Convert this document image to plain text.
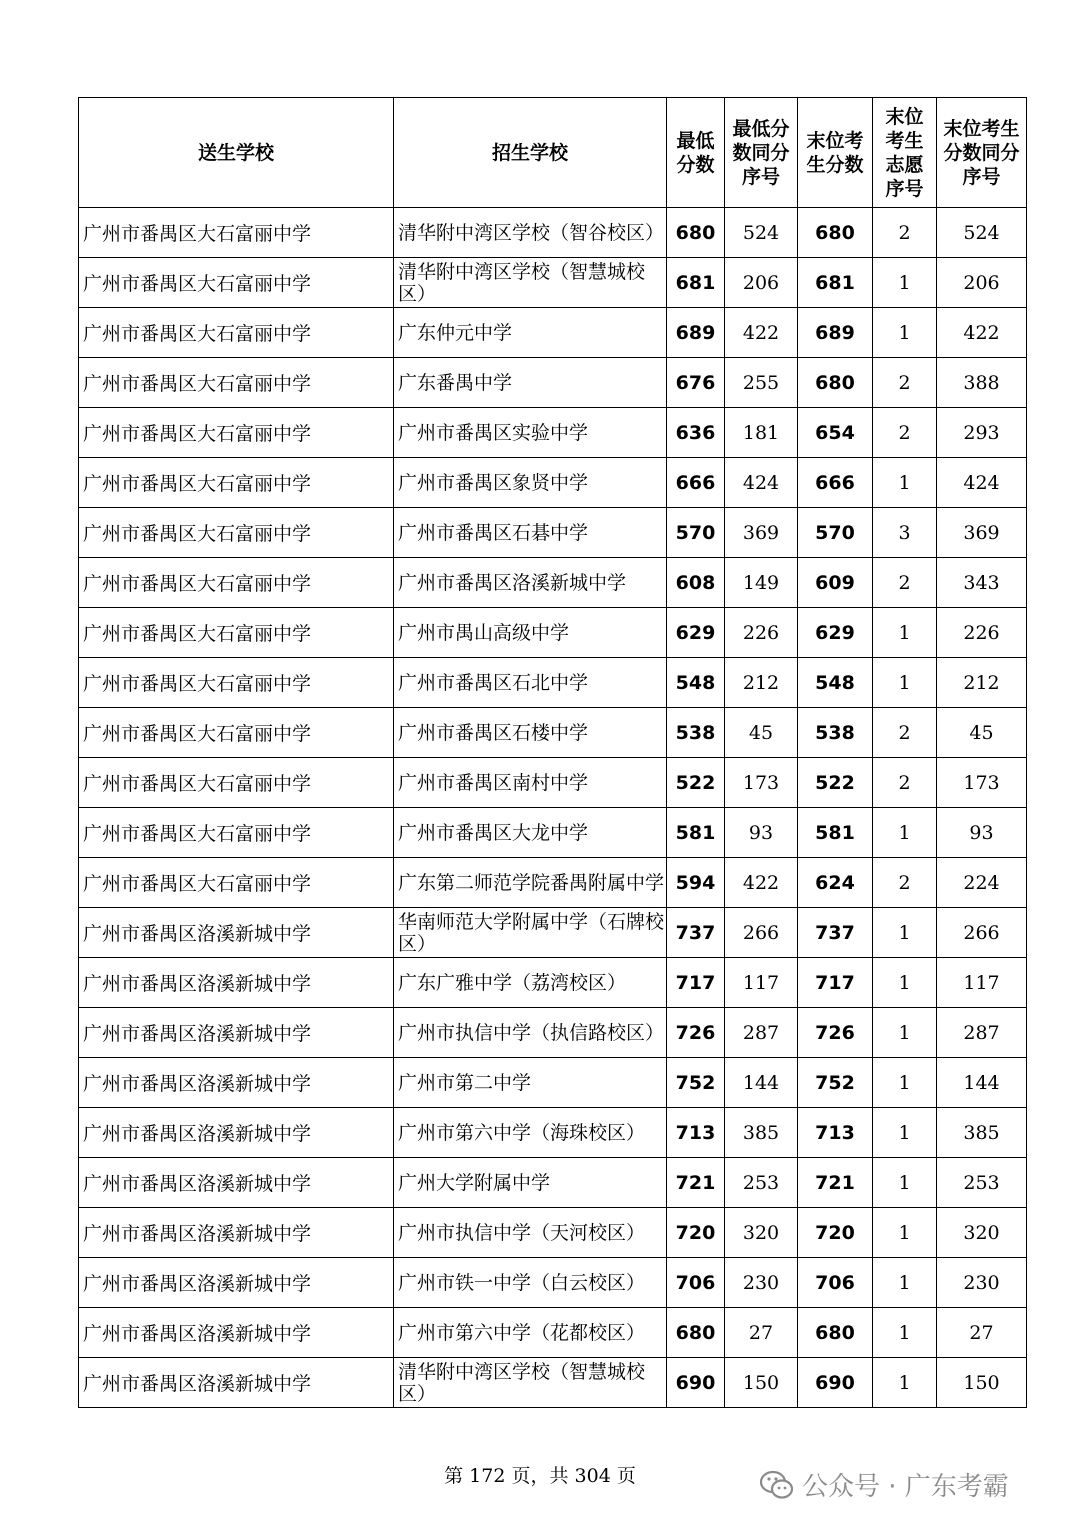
送生学校	招生学校	最低分数	最低分数同分序号	末位考生分数	末位考生志愿序号	末位考生分数同分序号
广州市番禺区大石富丽中学	清华附中湾区学校（智谷校区）	680	524	680	2	524
广州市番禺区大石富丽中学	清华附中湾区学校（智慧城校区）	681	206	681	1	206
广州市番禺区大石富丽中学	广东仲元中学	689	422	689	1	422
广州市番禺区大石富丽中学	广东番禺中学	676	255	680	2	388
广州市番禺区大石富丽中学	广州市番禺区实验中学	636	181	654	2	293
广州市番禺区大石富丽中学	广州市番禺区象贤中学	666	424	666	1	424
广州市番禺区大石富丽中学	广州市番禺区石碁中学	570	369	570	3	369
广州市番禺区大石富丽中学	广州市番禺区洛溪新城中学	608	149	609	2	343
广州市番禺区大石富丽中学	广州市禺山高级中学	629	226	629	1	226
广州市番禺区大石富丽中学	广州市番禺区石北中学	548	212	548	1	212
广州市番禺区大石富丽中学	广州市番禺区石楼中学	538	45	538	2	45
广州市番禺区大石富丽中学	广州市番禺区南村中学	522	173	522	2	173
广州市番禺区大石富丽中学	广州市番禺区大龙中学	581	93	581	1	93
广州市番禺区大石富丽中学	广东第二师范学院番禺附属中学	594	422	624	2	224
广州市番禺区洛溪新城中学	华南师范大学附属中学（石牌校区）	737	266	737	1	266
广州市番禺区洛溪新城中学	广东广雅中学（荔湾校区）	717	117	717	1	117
广州市番禺区洛溪新城中学	广州市执信中学（执信路校区）	726	287	726	1	287
广州市番禺区洛溪新城中学	广州市第二中学	752	144	752	1	144
广州市番禺区洛溪新城中学	广州市第六中学（海珠校区）	713	385	713	1	385
广州市番禺区洛溪新城中学	广州大学附属中学	721	253	721	1	253
广州市番禺区洛溪新城中学	广州市执信中学（天河校区）	720	320	720	1	320
广州市番禺区洛溪新城中学	广州市铁一中学（白云校区）	706	230	706	1	230
广州市番禺区洛溪新城中学	广州市第六中学（花都校区）	680	27	680	1	27
广州市番禺区洛溪新城中学	清华附中湾区学校（智慧城校区）	690	150	690	1	150
第 172 页，共 304 页	公众号 · 广东考霸
